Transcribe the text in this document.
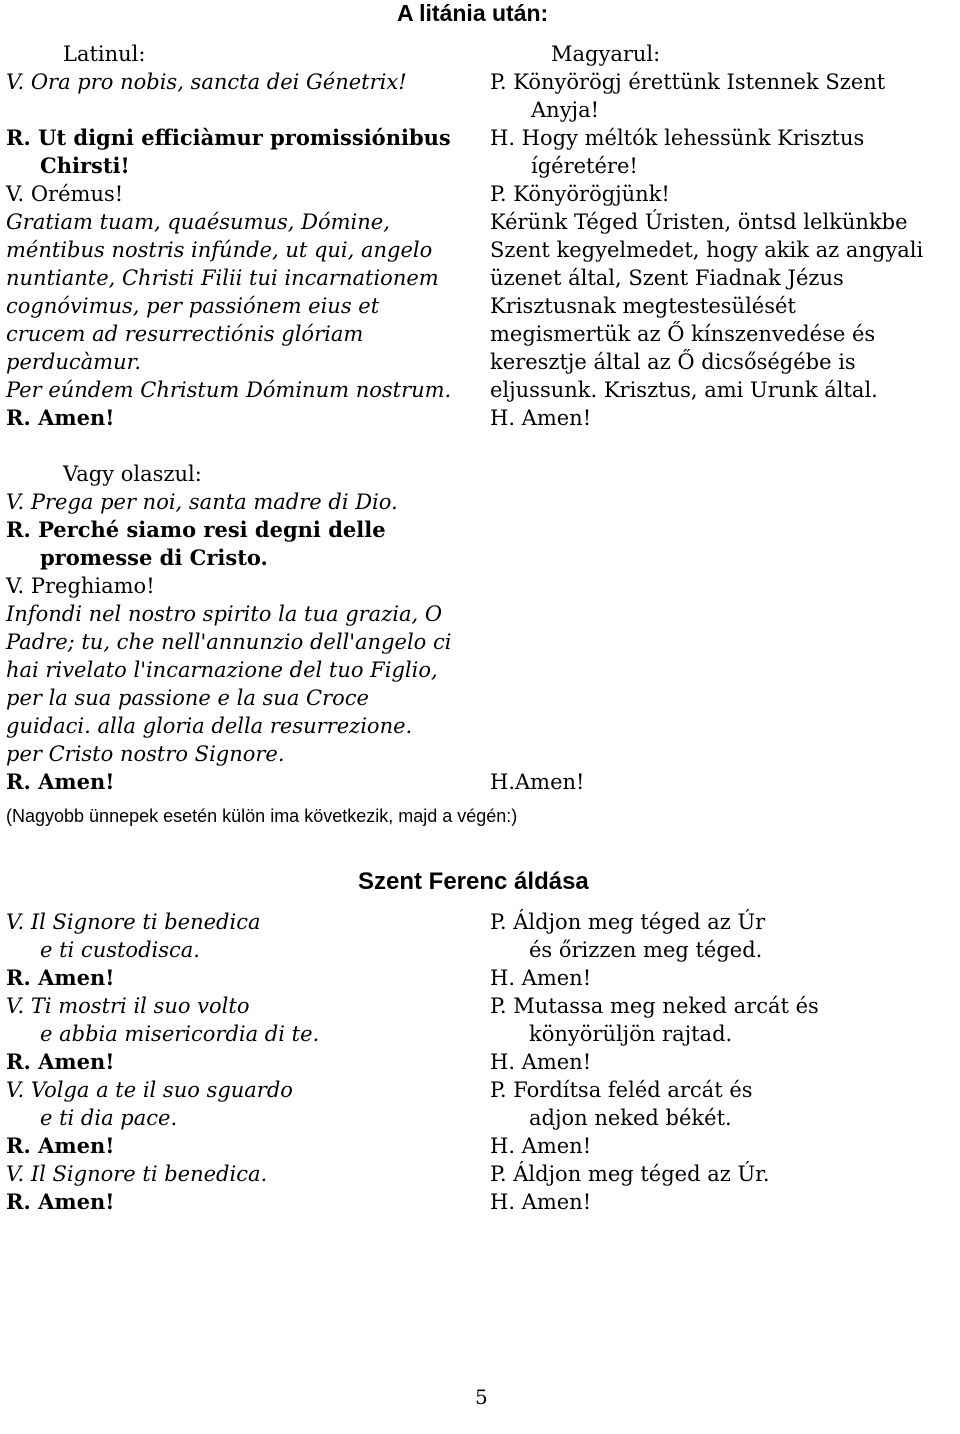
A litánia után:
Latinul:
V. Ora pro nobis, sancta dei Génetrix!
R. Ut digni efficiàmur promissiónibus
Chirsti!
V. Orémus!
Gratiam tuam, quaésumus, Dómine,
méntibus nostris infúnde, ut qui, angelo
nuntiante, Christi Filii tui incarnationem
cognóvimus, per passiónem eius et
crucem ad resurrectiónis glóriam
perducàmur.
Per eúndem Christum Dóminum nostrum.
R. Amen!
Magyarul:
P. Könyörögj érettünk Istennek Szent
Anyja!
H. Hogy méltók lehessünk Krisztus
ígéretére!
P. Könyörögjünk!
Kérünk Téged Úristen, öntsd lelkünkbe
Szent kegyelmedet, hogy akik az angyali
üzenet által, Szent Fiadnak Jézus
Krisztusnak megtestesülését
megismertük az Ő kínszenvedése és
keresztje által az Ő dicsőségébe is
eljussunk. Krisztus, ami Urunk által.
H. Amen!
Vagy olaszul:
V. Prega per noi, santa madre di Dio.
R. Perché siamo resi degni delle
promesse di Cristo.
V. Preghiamo!
Infondi nel nostro spirito la tua grazia, O
Padre; tu, che nell'annunzio dell'angelo ci
hai rivelato l'incarnazione del tuo Figlio,
per la sua passione e la sua Croce
guidaci. alla gloria della resurrezione.
per Cristo nostro Signore.
R. Amen!	H.Amen!
(Nagyobb ünnepek esetén külön ima következik, majd a végén:)
Szent Ferenc áldása
V. Il Signore ti benedica
e ti custodisca.
R. Amen!
V. Ti mostri il suo volto
e abbia misericordia di te.
R. Amen!
V. Volga a te il suo sguardo
e ti dia pace.
R. Amen!
V. Il Signore ti benedica.
R. Amen!
P. Áldjon meg téged az Úr
és őrizzen meg téged.
H. Amen!
P. Mutassa meg neked arcát és
könyörüljön rajtad.
H. Amen!
P. Fordítsa feléd arcát és
adjon neked békét.
H. Amen!
P. Áldjon meg téged az Úr.
H. Amen!
5
